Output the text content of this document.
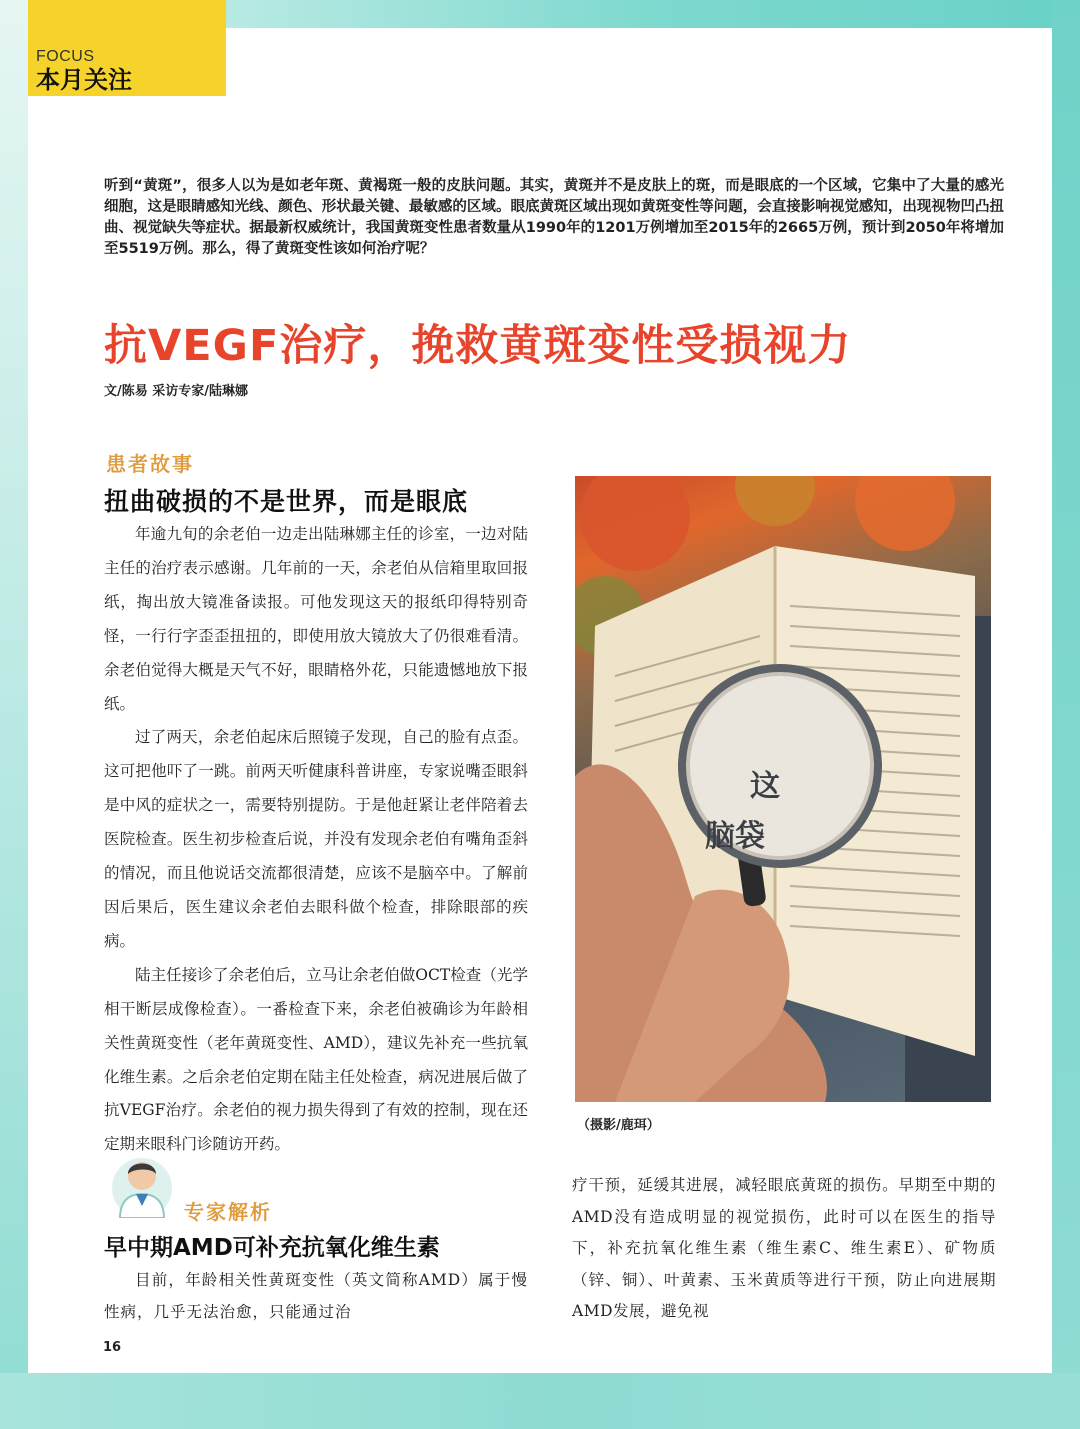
FOCUS
本月关注
听到“黄斑”，很多人以为是如老年斑、黄褐斑一般的皮肤问题。其实，黄斑并不是皮肤上的斑，而是眼底的一个区域，它集中了大量的感光细胞，这是眼睛感知光线、颜色、形状最关键、最敏感的区域。眼底黄斑区域出现如黄斑变性等问题，会直接影响视觉感知，出现视物凹凸扭曲、视觉缺失等症状。据最新权威统计，我国黄斑变性患者数量从1990年的1201万例增加至2015年的2665万例，预计到2050年将增加至5519万例。那么，得了黄斑变性该如何治疗呢？
抗VEGF治疗，挽救黄斑变性受损视力
文/陈易 采访专家/陆琳娜
患者故事
扭曲破损的不是世界，而是眼底

年逾九旬的余老伯一边走出陆琳娜主任的诊室，一边对陆主任的治疗表示感谢。几年前的一天，余老伯从信箱里取回报纸，掏出放大镜准备读报。可他发现这天的报纸印得特别奇怪，一行行字歪歪扭扭的，即使用放大镜放大了仍很难看清。余老伯觉得大概是天气不好，眼睛格外花，只能遗憾地放下报纸。

过了两天，余老伯起床后照镜子发现，自己的脸有点歪。这可把他吓了一跳。前两天听健康科普讲座，专家说嘴歪眼斜是中风的症状之一，需要特别提防。于是他赶紧让老伴陪着去医院检查。医生初步检查后说，并没有发现余老伯有嘴角歪斜的情况，而且他说话交流都很清楚，应该不是脑卒中。了解前因后果后，医生建议余老伯去眼科做个检查，排除眼部的疾病。

陆主任接诊了余老伯后，立马让余老伯做OCT检查（光学相干断层成像检查）。一番检查下来，余老伯被确诊为年龄相关性黄斑变性（老年黄斑变性、AMD），建议先补充一些抗氧化维生素。之后余老伯定期在陆主任处检查，病况进展后做了抗VEGF治疗。余老伯的视力损失得到了有效的控制，现在还定期来眼科门诊随访开药。

这
脑袋
（摄影/鹿珥）
专家解析
早中期AMD可补充抗氧化维生素

目前，年龄相关性黄斑变性（英文简称AMD）属于慢性病，几乎无法治愈，只能通过治

疗干预，延缓其进展，减轻眼底黄斑的损伤。早期至中期的AMD没有造成明显的视觉损伤，此时可以在医生的指导下，补充抗氧化维生素（维生素C、维生素E）、矿物质（锌、铜）、叶黄素、玉米黄质等进行干预，防止向进展期AMD发展，避免视
16
